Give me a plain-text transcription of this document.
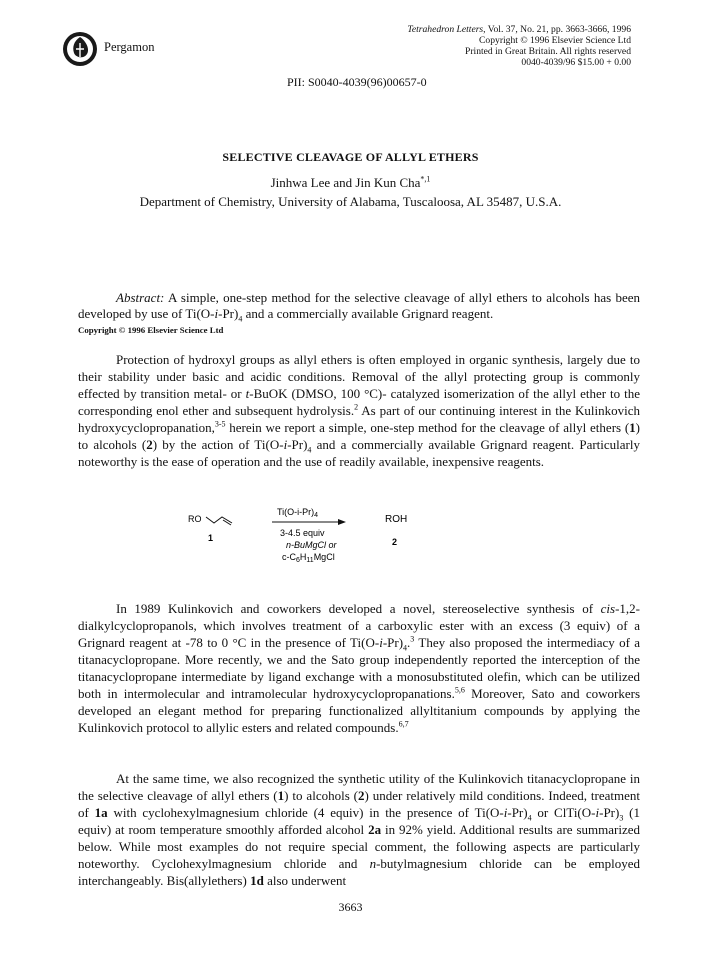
Pergamon
Tetrahedron Letters, Vol. 37, No. 21, pp. 3663-3666, 1996
Copyright © 1996 Elsevier Science Ltd
Printed in Great Britain. All rights reserved
0040-4039/96 $15.00 + 0.00
PII: S0040-4039(96)00657-0
SELECTIVE CLEAVAGE OF ALLYL ETHERS
Jinhwa Lee and Jin Kun Cha$^{*,1}$
Department of Chemistry, University of Alabama, Tuscaloosa, AL 35487, U.S.A.
Abstract: A simple, one-step method for the selective cleavage of allyl ethers to alcohols has been developed by use of $Ti(O-i-Pr)_4$ and a commercially available Grignard reagent.
Copyright © 1996 Elsevier Science Ltd
Protection of hydroxyl groups as allyl ethers is often employed in organic synthesis, largely due to their stability under basic and acidic conditions. Removal of the allyl protecting group is commonly effected by transition metal- or t-BuOK (DMSO, 100 °C)- catalyzed isomerization of the allyl ether to the corresponding enol ether and subsequent hydrolysis.$^2$ As part of our continuing interest in the Kulinkovich hydroxycyclopropanation,$^{3-5}$ herein we report a simple, one-step method for the cleavage of allyl ethers (1) to alcohols (2) by the action of $Ti(O-i-Pr)_4$ and a commercially available Grignard reagent. Particularly noteworthy is the ease of operation and the use of readily available, inexpensive reagents.
RO
$Ti(O-i-Pr)_4$	ROH
1	2
3-4.5 equiv
n-BuMgCl or
$c-C_6H_{11}MgCl$
In 1989 Kulinkovich and coworkers developed a novel, stereoselective synthesis of cis-1,2-dialkylcyclopropanols, which involves treatment of a carboxylic ester with an excess (3 equiv) of a Grignard reagent at -78 to 0 °C in the presence of $Ti(O-i-Pr)_4.^3$ They also proposed the intermediacy of a titanacyclopropane. More recently, we and the Sato group independently reported the interception of the titanacyclopropane intermediate by ligand exchange with a monosubstituted olefin, which can be utilized both in intermolecular and intramolecular hydroxycyclopropanations.$^{5,6}$ Moreover, Sato and coworkers developed an elegant method for preparing functionalized allyltitanium compounds by applying the Kulinkovich protocol to allylic esters and related compounds.$^{6,7}$
At the same time, we also recognized the synthetic utility of the Kulinkovich titanacyclopropane in the selective cleavage of allyl ethers (1) to alcohols (2) under relatively mild conditions. Indeed, treatment of 1a with cyclohexylmagnesium chloride (4 equiv) in the presence of $Ti(O-i-Pr)_4$ or $ClTi(O-i-Pr)_3$ (1 equiv) at room temperature smoothly afforded alcohol 2a in 92% yield. Additional results are summarized below. While most examples do not require special comment, the following aspects are particularly noteworthy. Cyclohexylmagnesium chloride and n-butylmagnesium chloride can be employed interchangeably. Bis(allylethers) 1d also underwent
3663
